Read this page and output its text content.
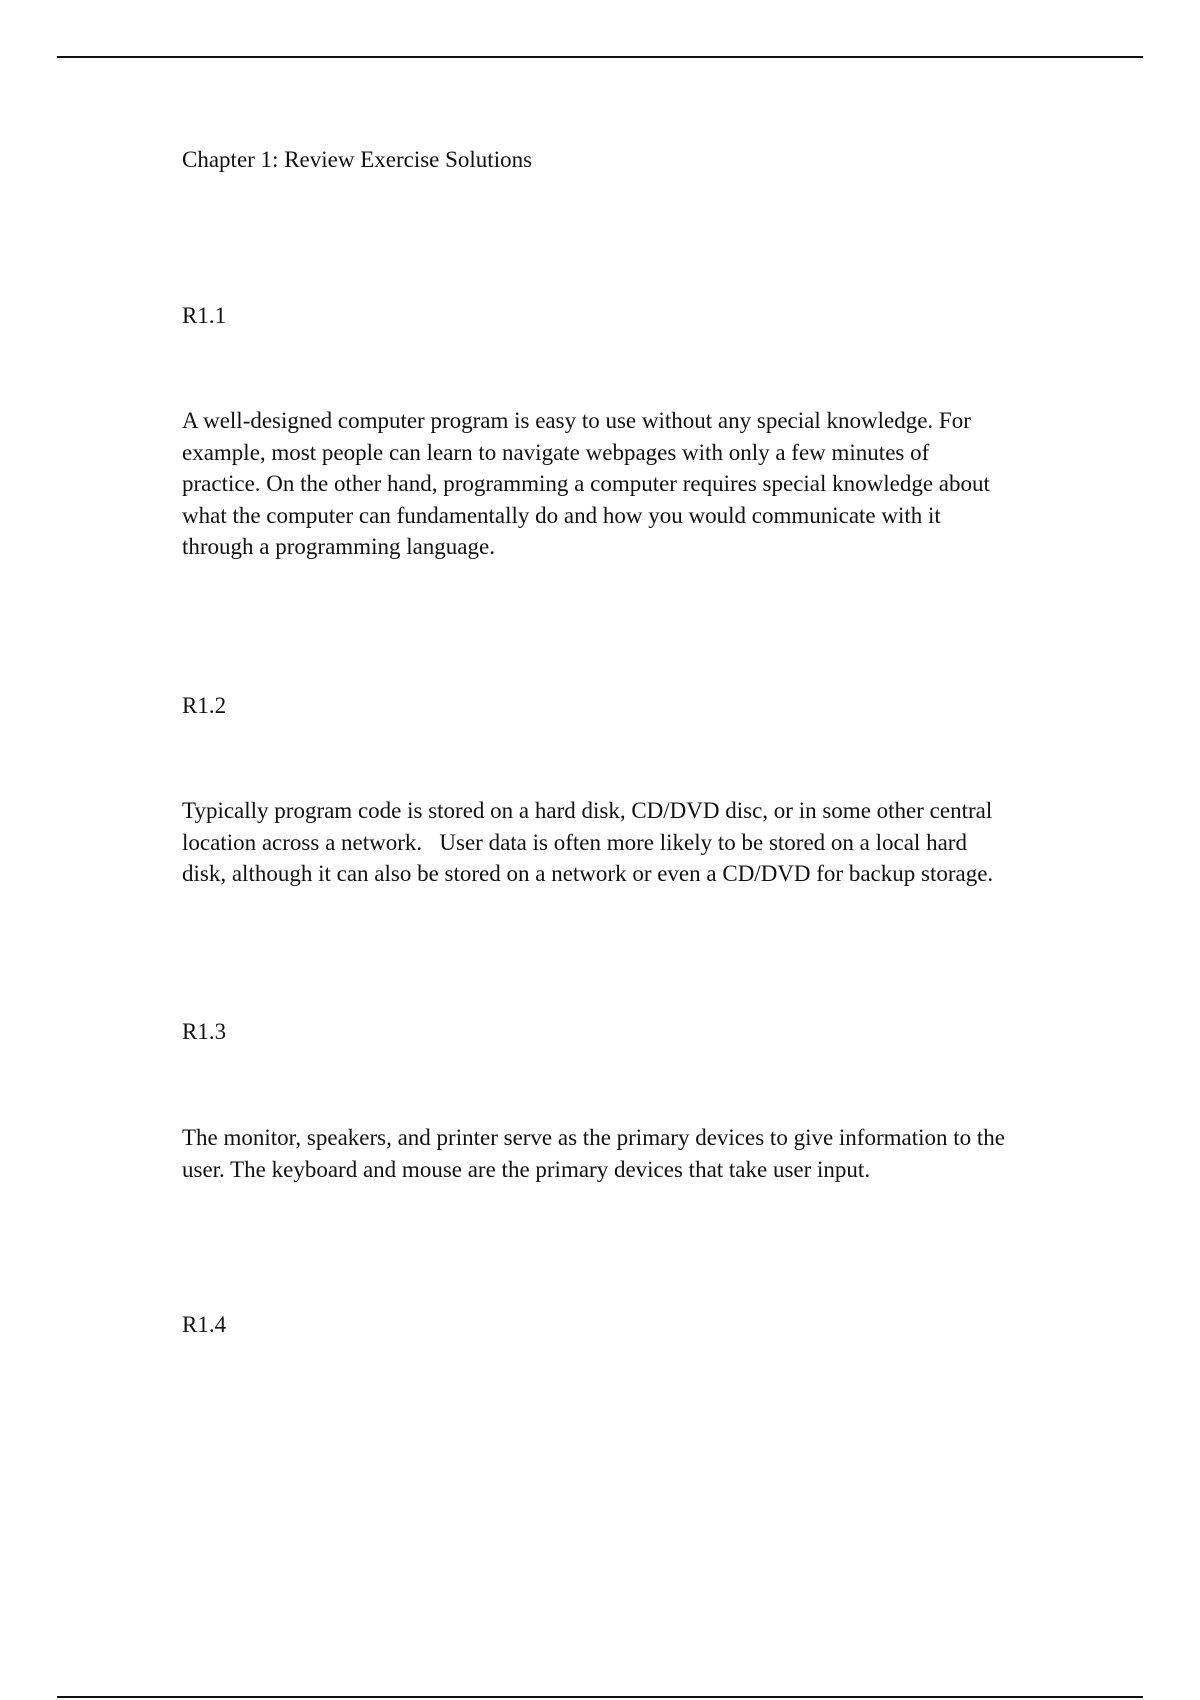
Chapter 1: Review Exercise Solutions
R1.1

A well-designed computer program is easy to use without any special knowledge. For
example, most people can learn to navigate webpages with only a few minutes of
practice. On the other hand, programming a computer requires special knowledge about
what the computer can fundamentally do and how you would communicate with it
through a programming language.

R1.2

Typically program code is stored on a hard disk, CD/DVD disc, or in some other central
location across a network.   User data is often more likely to be stored on a local hard
disk, although it can also be stored on a network or even a CD/DVD for backup storage.

R1.3

The monitor, speakers, and printer serve as the primary devices to give information to the
user. The keyboard and mouse are the primary devices that take user input.

R1.4
